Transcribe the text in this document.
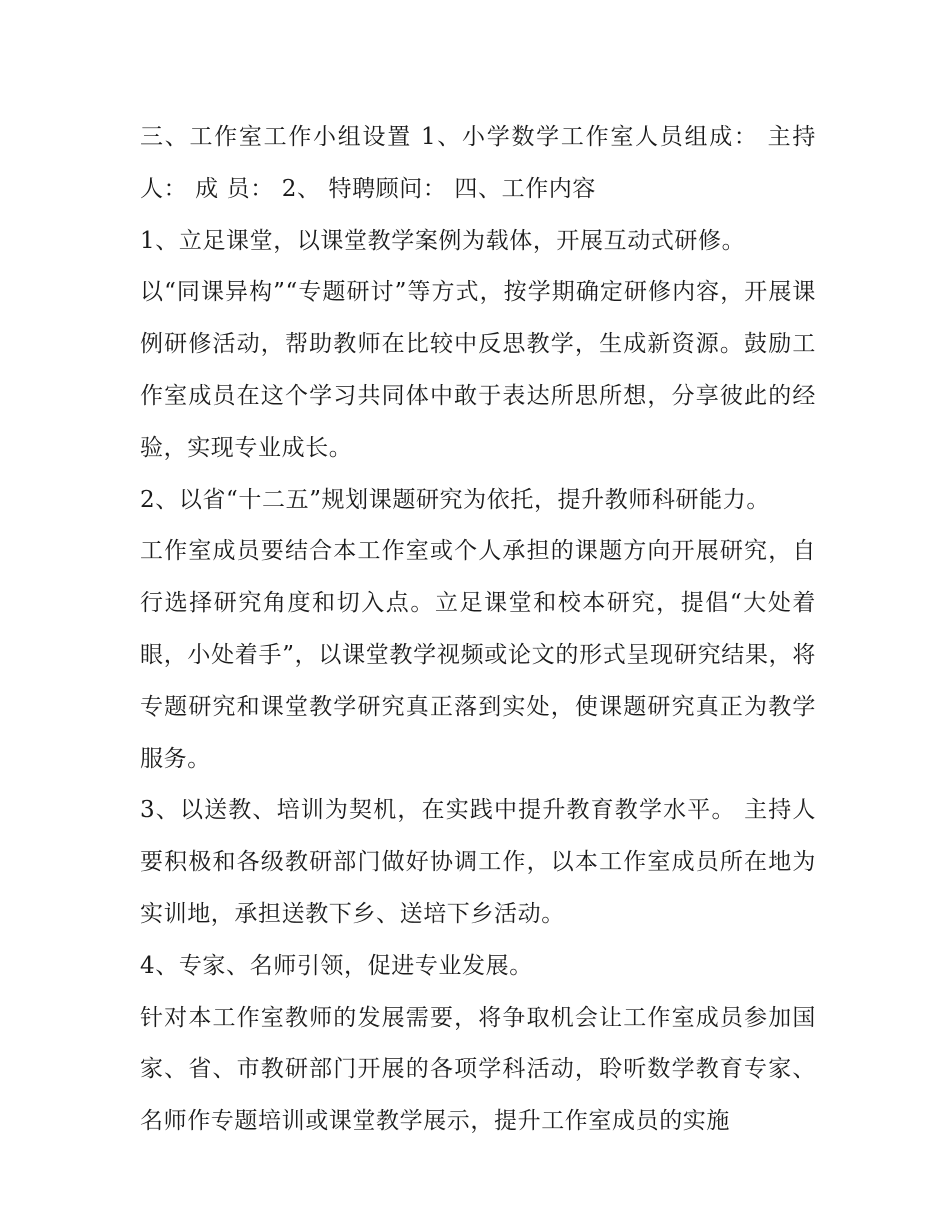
三、工作室工作小组设置 1、小学数学工作室人员组成： 主持人： 成 员： 2、 特聘顾问： 四、工作内容

1、立足课堂，以课堂教学案例为载体，开展互动式研修。

以“同课异构”“专题研讨”等方式，按学期确定研修内容，开展课例研修活动，帮助教师在比较中反思教学，生成新资源。鼓励工作室成员在这个学习共同体中敢于表达所思所想，分享彼此的经验，实现专业成长。

2、以省“十二五”规划课题研究为依托，提升教师科研能力。

工作室成员要结合本工作室或个人承担的课题方向开展研究，自行选择研究角度和切入点。立足课堂和校本研究，提倡“大处着眼，小处着手”，以课堂教学视频或论文的形式呈现研究结果，将专题研究和课堂教学研究真正落到实处，使课题研究真正为教学服务。

3、以送教、培训为契机，在实践中提升教育教学水平。 主持人要积极和各级教研部门做好协调工作，以本工作室成员所在地为实训地，承担送教下乡、送培下乡活动。

4、专家、名师引领，促进专业发展。

针对本工作室教师的发展需要，将争取机会让工作室成员参加国家、省、市教研部门开展的各项学科活动，聆听数学教育专家、名师作专题培训或课堂教学展示，提升工作室成员的实施
